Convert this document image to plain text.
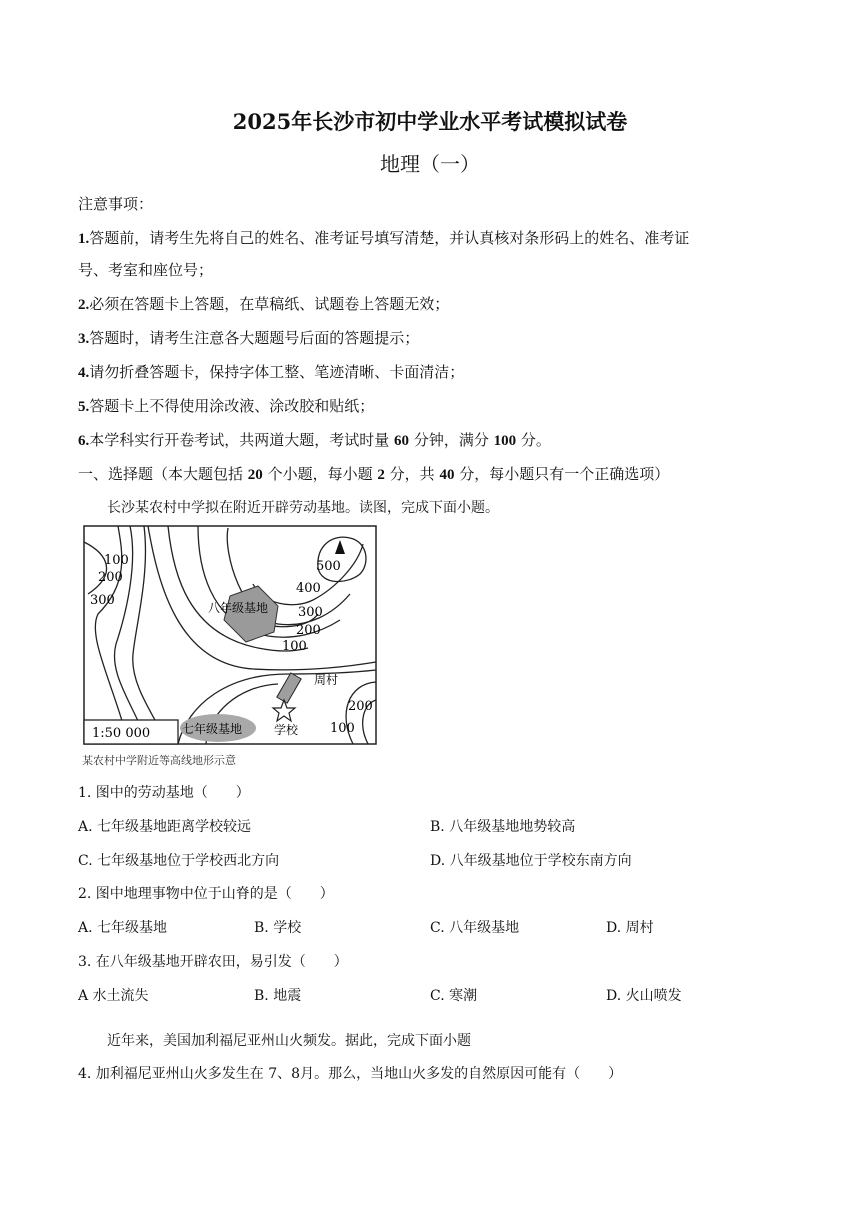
2025年长沙市初中学业水平考试模拟试卷
地理（一）
注意事项：
1.答题前，请考生先将自己的姓名、准考证号填写清楚，并认真核对条形码上的姓名、准考证
号、考室和座位号；
2.必须在答题卡上答题，在草稿纸、试题卷上答题无效；
3.答题时，请考生注意各大题题号后面的答题提示；
4.请勿折叠答题卡，保持字体工整、笔迹清晰、卡面清洁；
5.答题卡上不得使用涂改液、涂改胶和贴纸；
6.本学科实行开卷考试，共两道大题，考试时量 60 分钟，满分 100 分。
一、选择题（本大题包括 20 个小题，每小题 2 分，共 40 分，每小题只有一个正确选项）
长沙某农村中学拟在附近开辟劳动基地。读图，完成下面小题。
1:50 000
100
200
300
500
400
300
200
100
200
100
八年级基地
七年级基地
周村
学校
某农村中学附近等高线地形示意
1. 图中的劳动基地（　　）
A. 七年级基地距离学校较远	B. 八年级基地地势较高
C. 七年级基地位于学校西北方向	D. 八年级基地位于学校东南方向
2. 图中地理事物中位于山脊的是（　　）
A. 七年级基地	B. 学校	C. 八年级基地	D. 周村
3. 在八年级基地开辟农田，易引发（　　）
A 水土流失	B. 地震	C. 寒潮	D. 火山喷发
近年来，美国加利福尼亚州山火频发。据此，完成下面小题
4. 加利福尼亚州山火多发生在 7、8月。那么，当地山火多发的自然原因可能有（　　）
